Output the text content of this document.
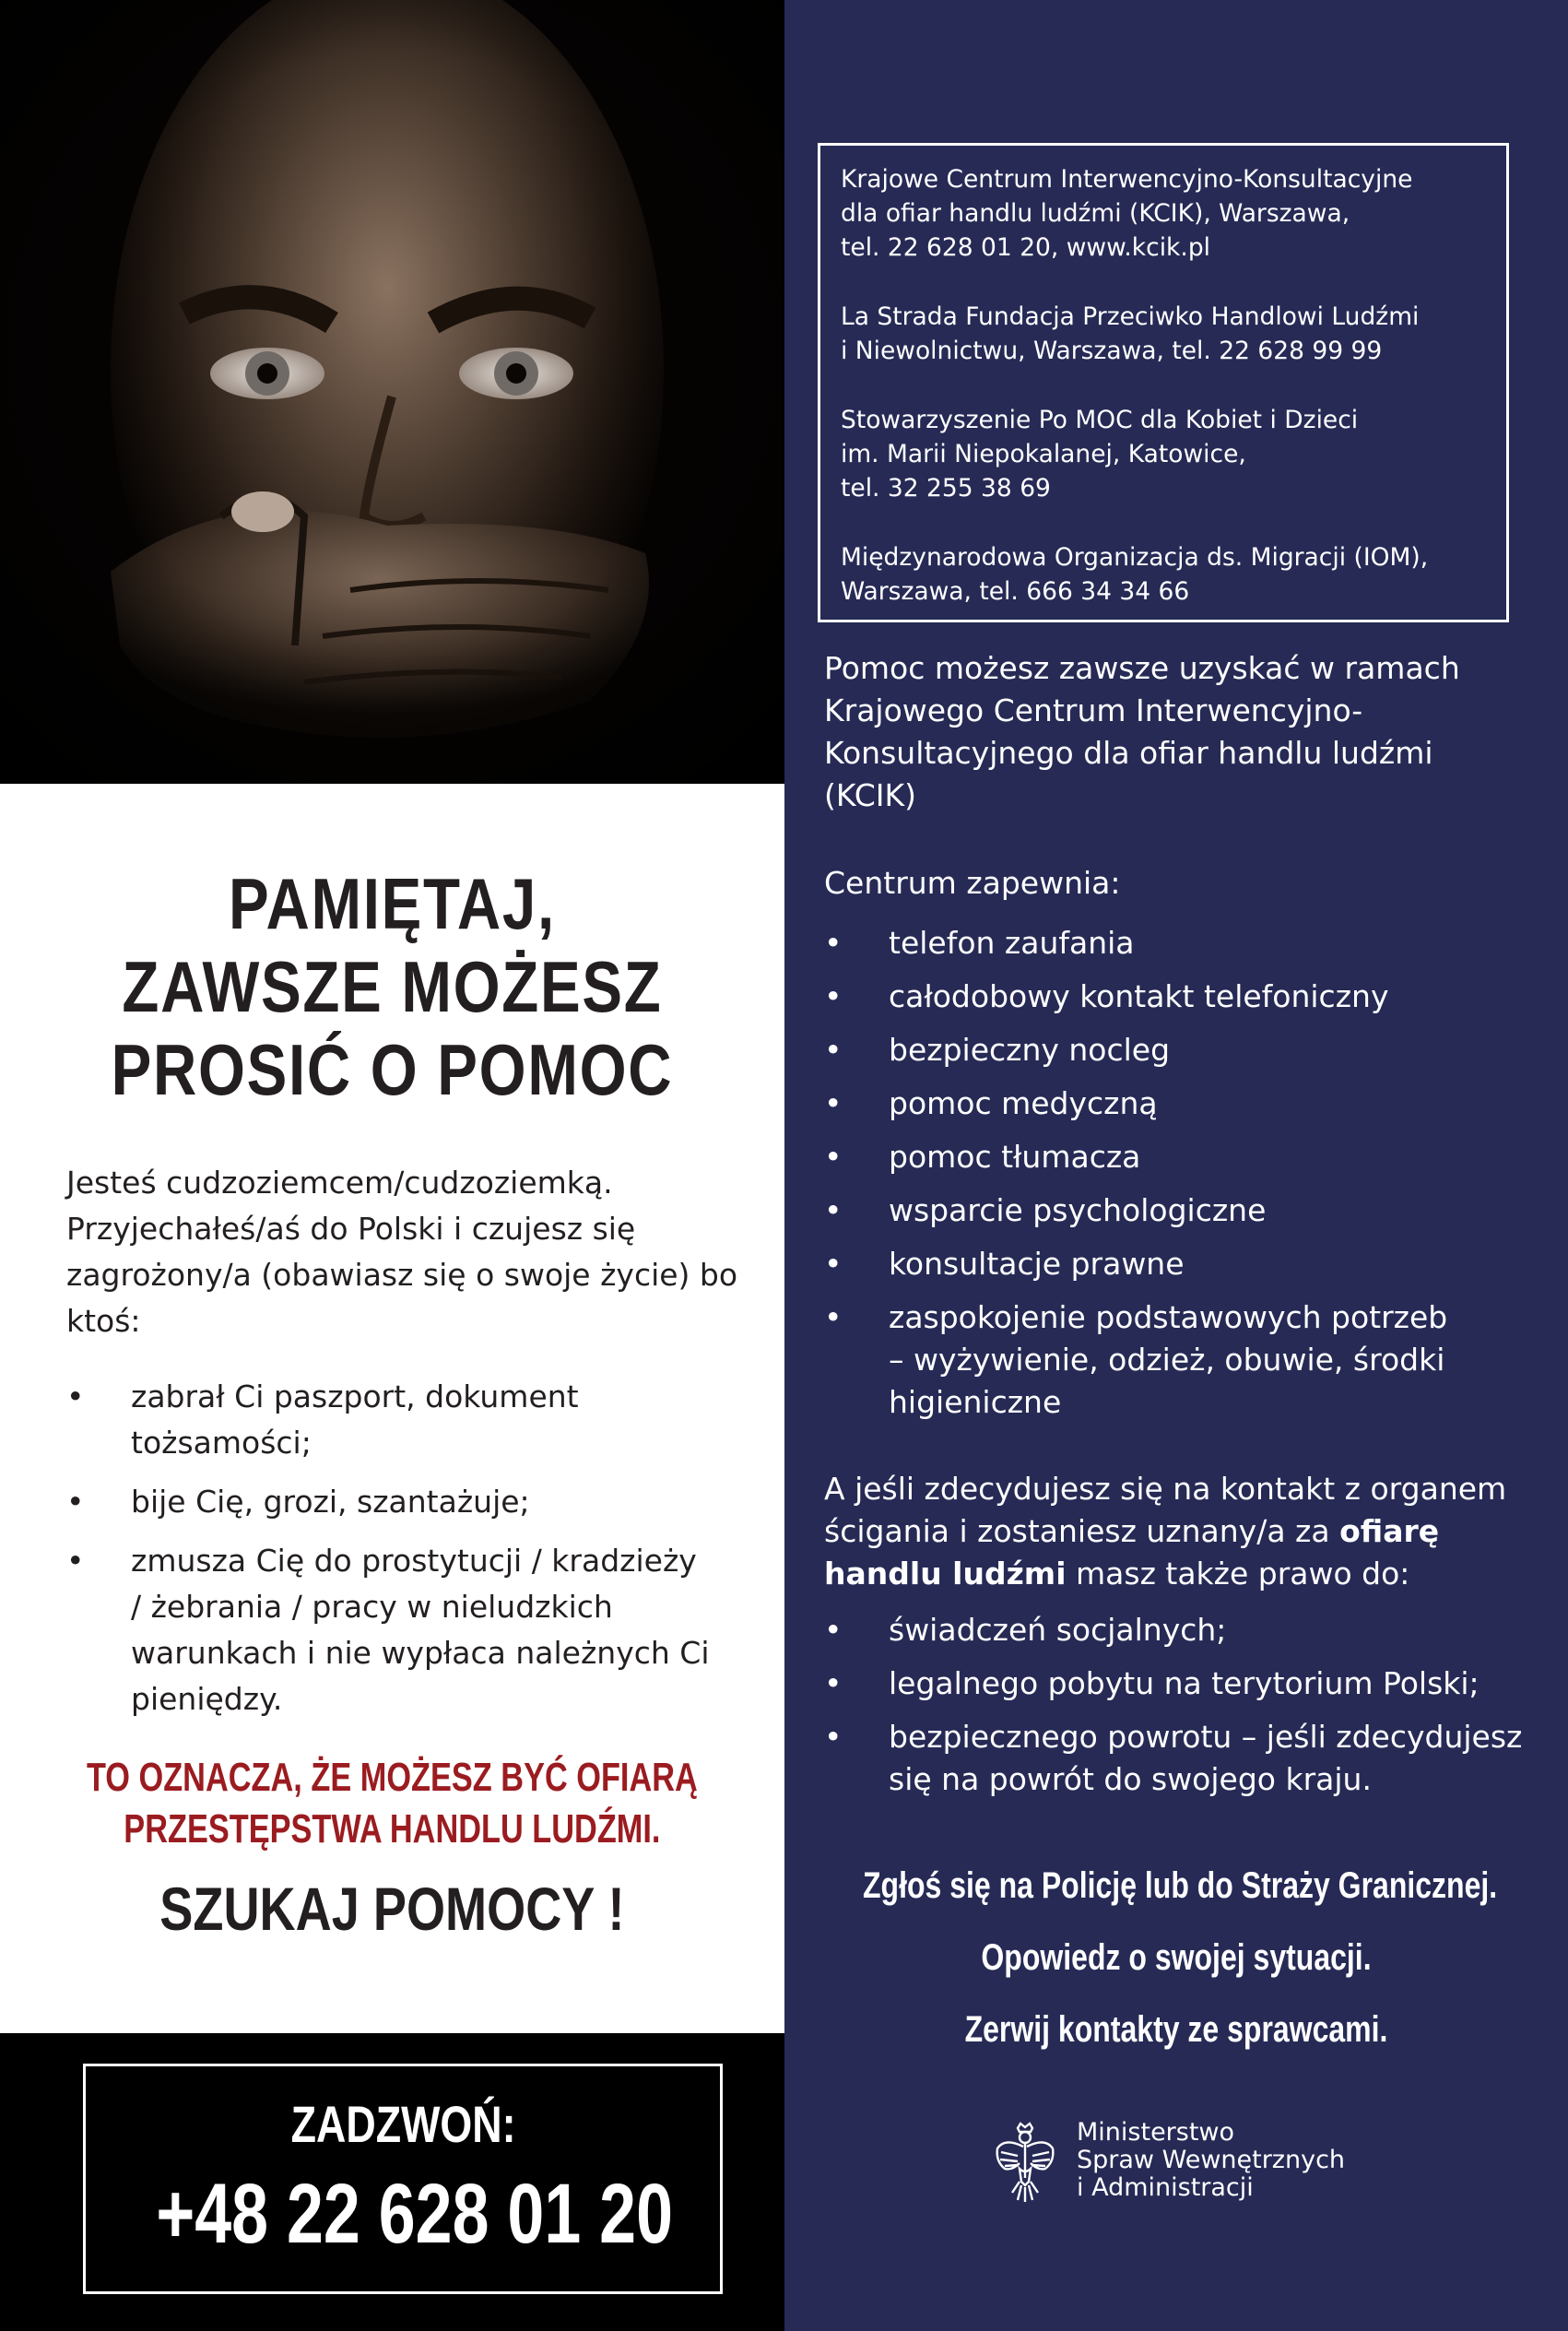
PAMIĘTAJ,
ZAWSZE MOŻESZ
PROSIĆ O POMOC
Jesteś cudzoziemcem/cudzoziemką.
Przyjechałeś/aś do Polski i czujesz się
zagrożony/a (obawiasz się o swoje życie) bo
ktoś:
• zabrał Ci paszport, dokument
tożsamości;
• bije Cię, grozi, szantażuje;
• zmusza Cię do prostytucji / kradzieży
/ żebrania / pracy w nieludzkich
warunkach i nie wypłaca należnych Ci
pieniędzy.
TO OZNACZA, ŻE MOŻESZ BYĆ OFIARĄ
PRZESTĘPSTWA HANDLU LUDŹMI.
SZUKAJ POMOCY !
ZADZWOŃ:
+48 22 628 01 20
Krajowe Centrum Interwencyjno-Konsultacyjne
dla ofiar handlu ludźmi (KCIK), Warszawa,
tel. 22 628 01 20, www.kcik.pl
La Strada Fundacja Przeciwko Handlowi Ludźmi
i Niewolnictwu, Warszawa, tel. 22 628 99 99
Stowarzyszenie Po MOC dla Kobiet i Dzieci
im. Marii Niepokalanej, Katowice,
tel. 32 255 38 69
Międzynarodowa Organizacja ds. Migracji (IOM),
Warszawa, tel. 666 34 34 66
Pomoc możesz zawsze uzyskać w ramach
Krajowego Centrum Interwencyjno-
Konsultacyjnego dla ofiar handlu ludźmi
(KCIK)
Centrum zapewnia:
• telefon zaufania
• całodobowy kontakt telefoniczny
• bezpieczny nocleg
• pomoc medyczną
• pomoc tłumacza
• wsparcie psychologiczne
• konsultacje prawne
• zaspokojenie podstawowych potrzeb
– wyżywienie, odzież, obuwie, środki
higieniczne
A jeśli zdecydujesz się na kontakt z organem
ścigania i zostaniesz uznany/a za ofiarę
handlu ludźmi masz także prawo do:
• świadczeń socjalnych;
• legalnego pobytu na terytorium Polski;
• bezpiecznego powrotu – jeśli zdecydujesz
się na powrót do swojego kraju.
Zgłoś się na Policję lub do Straży Granicznej.
Opowiedz o swojej sytuacji.
Zerwij kontakty ze sprawcami.
Ministerstwo
Spraw Wewnętrznych
i Administracji
